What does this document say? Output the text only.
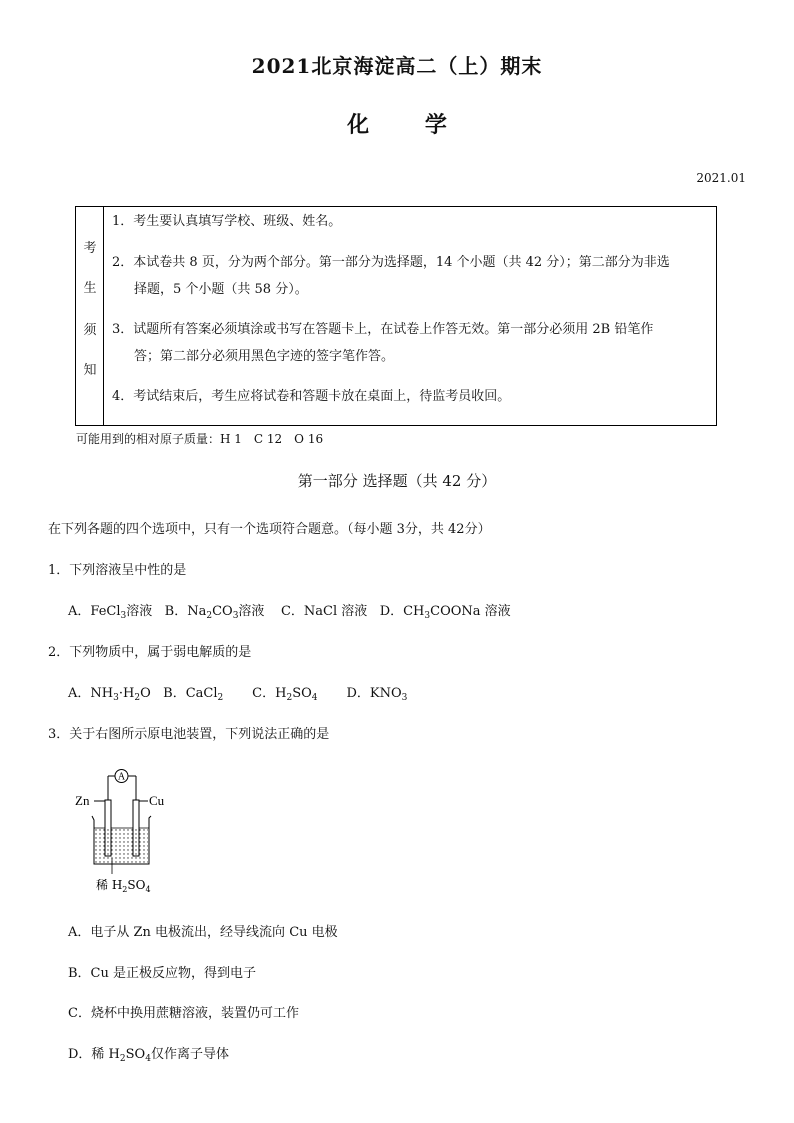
2021北京海淀高二（上）期末
化	学
2021.01
考
生
须
知
1．考生要认真填写学校、班级、姓名。
2．本试卷共 8 页，分为两个部分。第一部分为选择题，14 个小题（共 42 分）；第二部分为非选
择题，5 个小题（共 58 分）。
3．试题所有答案必须填涂或书写在答题卡上，在试卷上作答无效。第一部分必须用 2B 铅笔作
答；第二部分必须用黑色字迹的签字笔作答。
4．考试结束后，考生应将试卷和答题卡放在桌面上，待监考员收回。
可能用到的相对原子质量：H 1　C 12　O 16
第一部分 选择题（共 42 分）
在下列各题的四个选项中，只有一个选项符合题意。（每小题 3分，共 42分）
1．下列溶液呈中性的是
A．FeCl$_3$溶液 B．$Na_2CO_3$溶液 C．NaCl 溶液 D．$CH_3COONa$ 溶液
2．下列物质中，属于弱电解质的是
A．$NH_3\cdot H_2O$ B．CaCl$_2$ C．$H_2SO_4$ D．$KNO_3$
3．关于右图所示原电池装置，下列说法正确的是
A
Zn	Cu
稀 $H_2SO_4$
A．电子从 Zn 电极流出，经导线流向 Cu 电极
B．Cu 是正极反应物，得到电子
C．烧杯中换用蔗糖溶液，装置仍可工作
D．稀 $H_2SO_4$仅作离子导体
